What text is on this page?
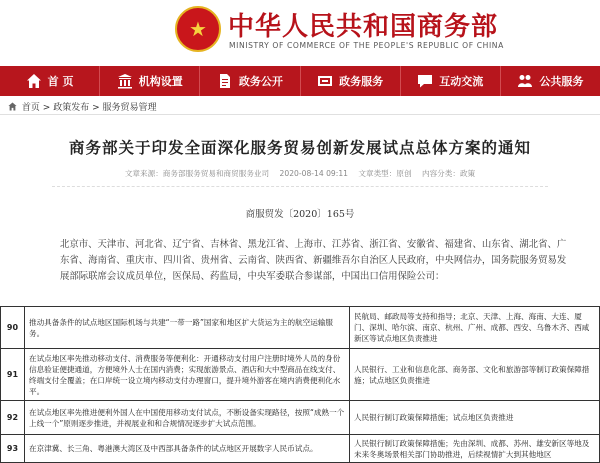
★ 中华人民共和国商务部
MINISTRY OF COMMERCE OF THE PEOPLE'S REPUBLIC OF CHINA
首 页	机构设置	政务公开	政务服务	互动交流	公共服务
首页 > 政策发布 > 服务贸易管理
商务部关于印发全面深化服务贸易创新发展试点总体方案的通知
文章来源：商务部服务贸易和商贸服务业司 2020-08-14 09:11 文章类型：原创 内容分类：政策
商服贸发〔2020〕165号
北京市、天津市、河北省、辽宁省、吉林省、黑龙江省、上海市、江苏省、浙江省、安徽省、福建省、山东省、湖北省、广东省、海南省、重庆市、四川省、贵州省、云南省、陕西省、新疆维吾尔自治区人民政府，中央网信办，国务院服务贸易发展部际联席会议成员单位，医保局、药监局，中央军委联合参谋部，中国出口信用保险公司：
90	推动具备条件的试点地区国际机场与共建“一带一路”国家和地区扩大货运为主的航空运输服务。	民航局、邮政局等支持和指导；北京、天津、上海、海南、大连、厦门、深圳、哈尔滨、南京、杭州、广州、成都、西安、乌鲁木齐、西咸新区等试点地区负责推进
91	在试点地区率先推动移动支付、消费服务等便利化：开通移动支付用户注册时境外人员的身份信息验证便捷通道，方便境外人士在国内消费；实现旅游景点、酒店和大中型商品在线支付、终端支付全覆盖；在口岸统一设立境内移动支付办理窗口，提升境外游客在境内消费便利化水平。	人民银行、工业和信息化部、商务部、文化和旅游部等制订政策保障措施；试点地区负责推进
92	在试点地区率先推进便利外国人在中国使用移动支付试点，不断设备实现路径，按照“成熟一个上线一个”原则逐步推进，并视展业和和合规情况逐步扩大试点范围。	人民银行制订政策保障措施；试点地区负责推进
93	在京津冀、长三角、粤港澳大湾区及中西部具备条件的试点地区开展数字人民币试点。	人民银行制订政策保障措施；先由深圳、成都、苏州、雄安新区等地及未来冬奥场景相关部门协助推进，后续视情扩大到其他地区
